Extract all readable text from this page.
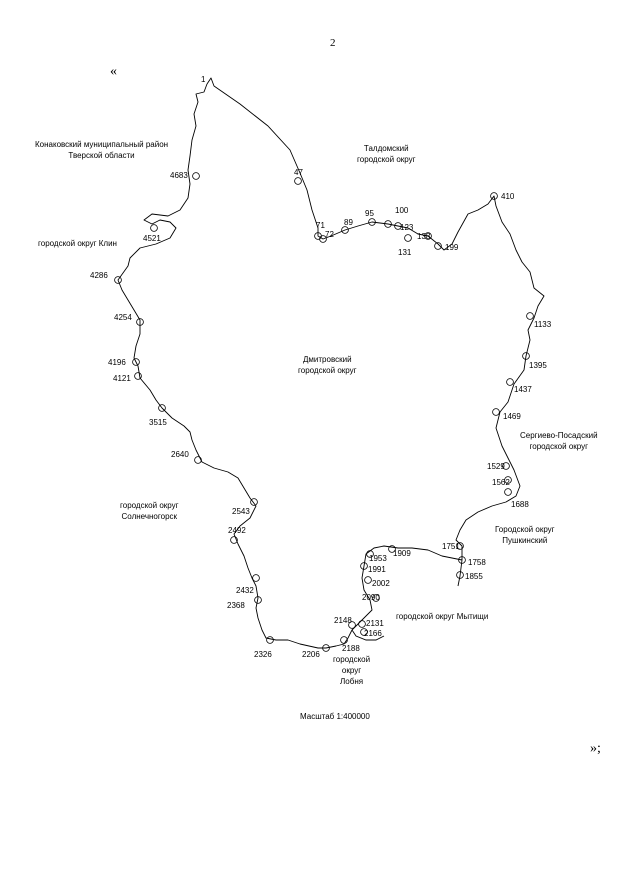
2
«
»;
1
47
71
72
89
95	100
123
131
138
199
410
1133
1395
1437
1469
1529
1562
1688
1751
1758
1855
1909
1953
1991
2002
2090
2131
2148
2166
2188
2206
2326
2368
2432
2492
2543
2640
3515
4121
4196
4254
4286
4521
4683
Конаковский муниципальный район
Тверской области
Талдомский
городской округ
городской округ Клин
Дмитровский
городской округ
Сергиево-Посадский
городской округ
городской округ
Солнечногорск
Городской округ
Пушкинский
городской округ Мытищи
городской
округ
Лобня
Масштаб 1:400000
